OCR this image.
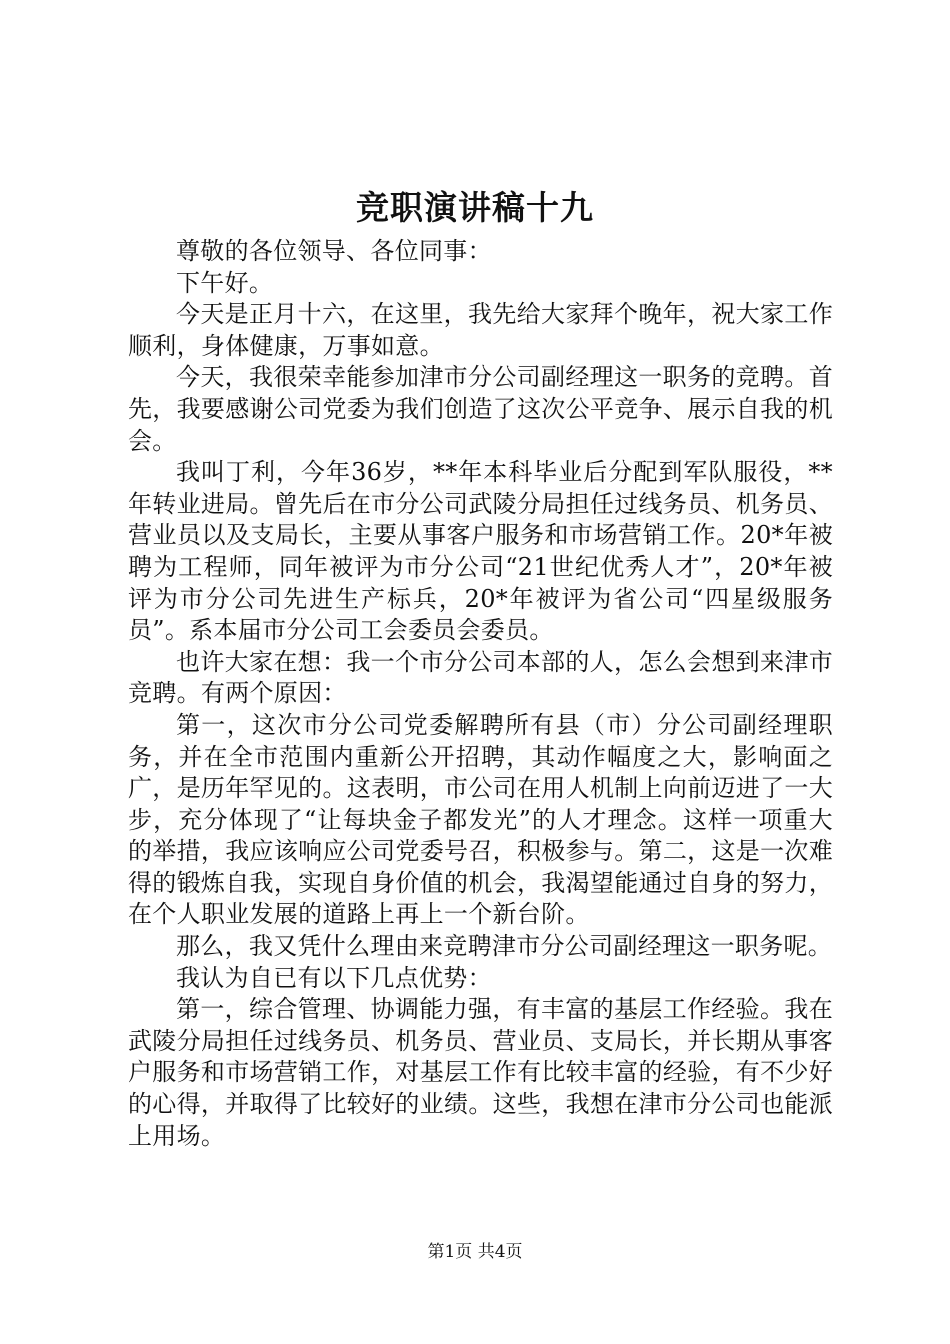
竞职演讲稿十九

尊敬的各位领导、各位同事：

下午好。

今天是正月十六，在这里，我先给大家拜个晚年，祝大家工作顺利，身体健康，万事如意。

今天，我很荣幸能参加津市分公司副经理这一职务的竞聘。首先，我要感谢公司党委为我们创造了这次公平竞争、展示自我的机会。

我叫丁利，今年36岁，**年本科毕业后分配到军队服役，**年转业进局。曾先后在市分公司武陵分局担任过线务员、机务员、营业员以及支局长，主要从事客户服务和市场营销工作。20*年被聘为工程师，同年被评为市分公司“21世纪优秀人才”，20*年被评为市分公司先进生产标兵，20*年被评为省公司“四星级服务员”。系本届市分公司工会委员会委员。

也许大家在想：我一个市分公司本部的人，怎么会想到来津市竞聘。有两个原因：

第一，这次市分公司党委解聘所有县（市）分公司副经理职务，并在全市范围内重新公开招聘，其动作幅度之大，影响面之广，是历年罕见的。这表明，市公司在用人机制上向前迈进了一大步，充分体现了“让每块金子都发光”的人才理念。这样一项重大的举措，我应该响应公司党委号召，积极参与。第二，这是一次难得的锻炼自我，实现自身价值的机会，我渴望能通过自身的努力，在个人职业发展的道路上再上一个新台阶。

那么，我又凭什么理由来竞聘津市分公司副经理这一职务呢。

我认为自已有以下几点优势：

第一，综合管理、协调能力强，有丰富的基层工作经验。我在武陵分局担任过线务员、机务员、营业员、支局长，并长期从事客户服务和市场营销工作，对基层工作有比较丰富的经验，有不少好的心得，并取得了比较好的业绩。这些，我想在津市分公司也能派上用场。

第1页 共4页
